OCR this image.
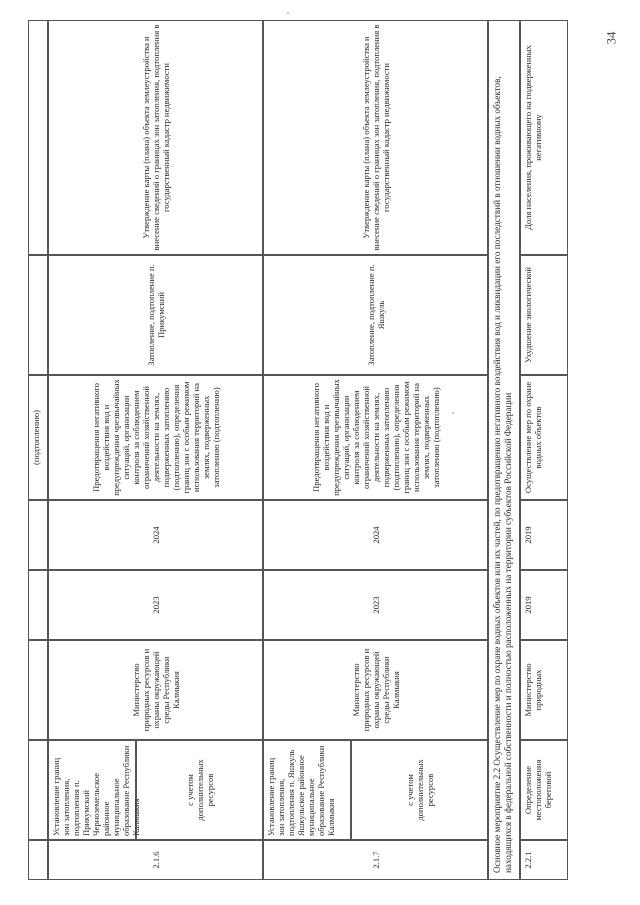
34
(подтоплению)
2.1.6
Установление границ зон затопления, подтопления п. Прикумский Черноземельское районное муниципальное образование Республики Калмыкия
с учетом дополнительных ресурсов
Министерство природных ресурсов и охраны окружающей среды Республики Калмыкия
2023
2024
Предотвращения негативного воздействия вод и предупреждения чрезвычайных ситуаций, организации контроля за соблюдением ограничений хозяйственной деятельности на землях, подверженных затоплению (подтоплению), определения границ зон с особым режимом использования территорий на землях, подверженных затоплению (подтоплению)
Затопление, подтопление п. Прикумский
Утверждение карты (плана) объекта землеустройства и внесение сведений о границах зон затопления, подтопления в государственный кадастр недвижимости
2.1.7
Установление границ зон затопления, подтопления п. Яшкуль Яшкульское районное муниципальное образование Республики Калмыкия
с учетом дополнительных ресурсов
Министерство природных ресурсов и охраны окружающей среды Республики Калмыкия
2023
2024
Предотвращения негативного воздействия вод и предупреждения чрезвычайных ситуаций, организации контроля за соблюдением ограничений хозяйственной деятельности на землях, подверженных затоплению (подтоплению), определения границ зон с особым режимом использования территорий на землях, подверженных затоплению (подтоплению)
Затопление, подтопление п. Яшкуль
Утверждение карты (плана) объекта землеустройства и внесение сведений о границах зон затопления, подтопления в государственный кадастр недвижимости	Основное мероприятие 2.2 Осуществление мер по охране водных объектов или их частей, по предотвращению негативного воздействия вод и ликвидации его последствий в отношении водных объектов, находящихся в федеральной собственности и полностью расположенных на территории субъектов Российской Федерации	2.2.1
Определение местоположения береговой
Министерство природных
2019
2019
Осуществление мер по охране водных объектов
Ухудшение экологической
Доля населения, проживающего на подверженных негативному
